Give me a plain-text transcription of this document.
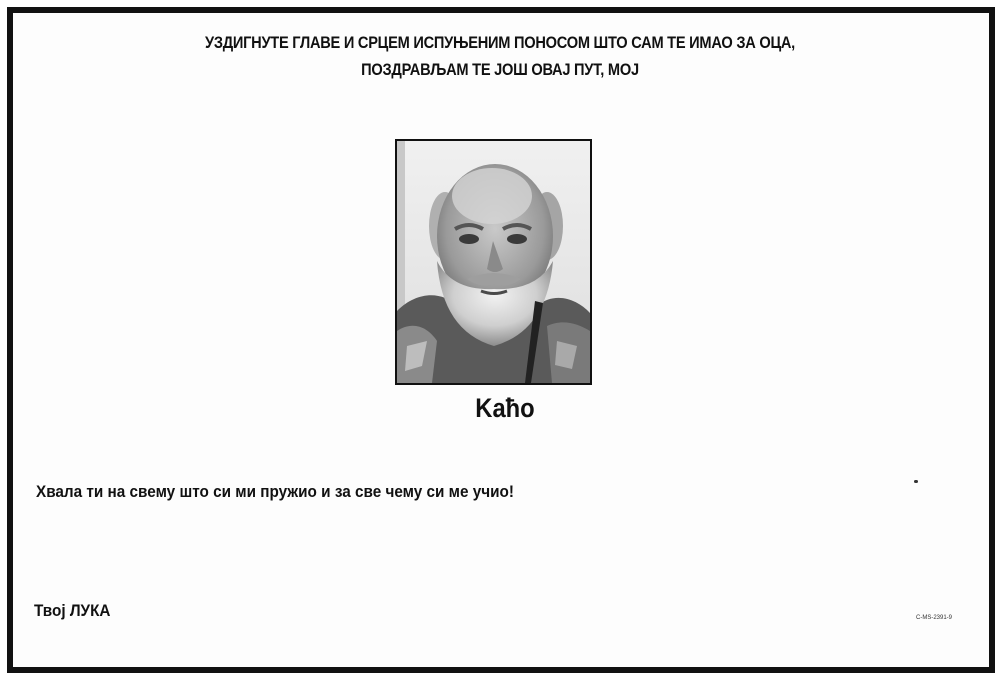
УЗДИГНУТЕ ГЛАВЕ И СРЦЕМ ИСПУЊЕНИМ ПОНОСОМ ШТО САМ ТЕ ИМАО ЗА ОЦА,
ПОЗДРАВЉАМ ТЕ ЈОШ ОВАЈ ПУТ, МОЈ
Kaћo
Хвала ти на свему што си ми пружио и за све чему си ме учио!
Твој ЛУКА	C-MS-2391-9
